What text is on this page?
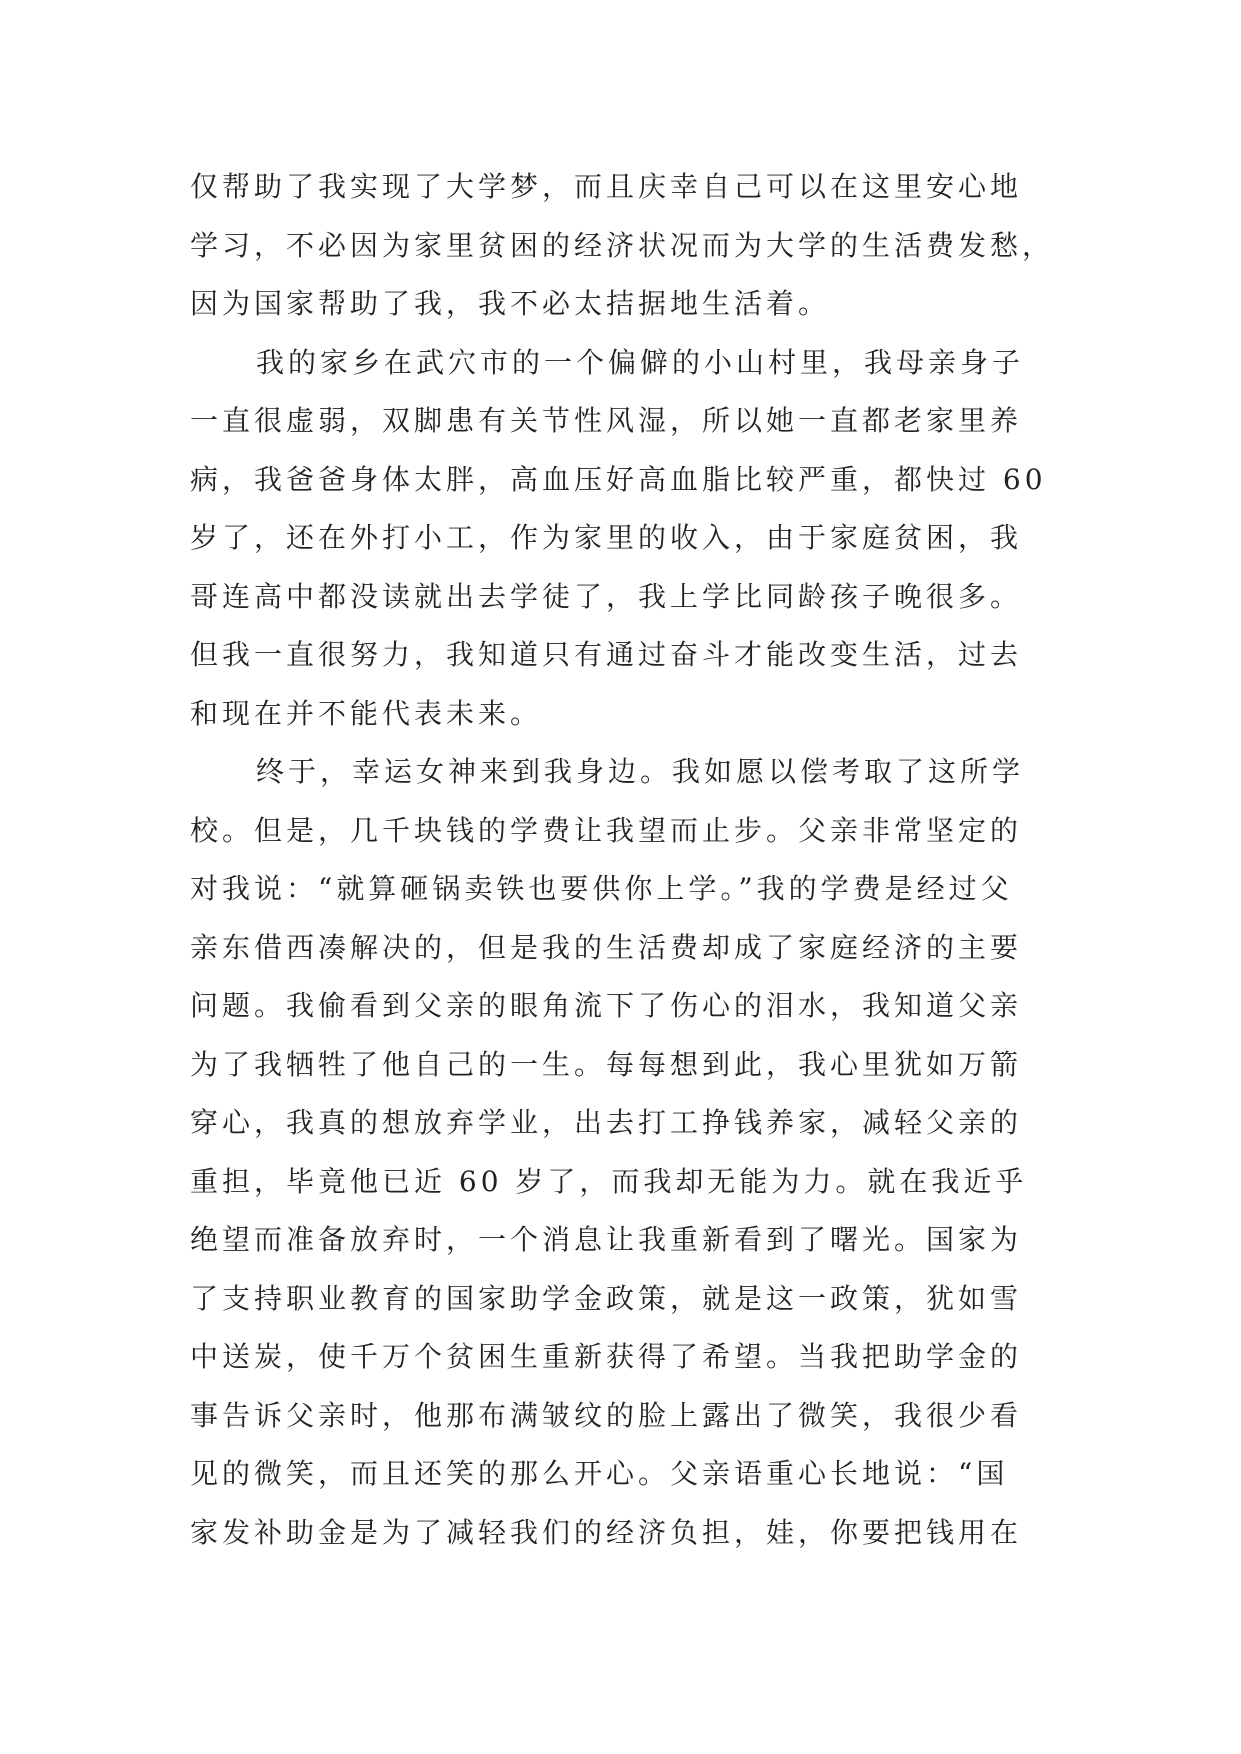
仅帮助了我实现了大学梦，而且庆幸自己可以在这里安心地
学习，不必因为家里贫困的经济状况而为大学的生活费发愁，
因为国家帮助了我，我不必太拮据地生活着。
我的家乡在武穴市的一个偏僻的小山村里，我母亲身子
一直很虚弱，双脚患有关节性风湿，所以她一直都老家里养
病，我爸爸身体太胖，高血压好高血脂比较严重，都快过 60
岁了，还在外打小工，作为家里的收入，由于家庭贫困，我
哥连高中都没读就出去学徒了，我上学比同龄孩子晚很多。
但我一直很努力，我知道只有通过奋斗才能改变生活，过去
和现在并不能代表未来。
终于，幸运女神来到我身边。我如愿以偿考取了这所学
校。但是，几千块钱的学费让我望而止步。父亲非常坚定的
对我说：“就算砸锅卖铁也要供你上学。”我的学费是经过父
亲东借西凑解决的，但是我的生活费却成了家庭经济的主要
问题。我偷看到父亲的眼角流下了伤心的泪水，我知道父亲
为了我牺牲了他自己的一生。每每想到此，我心里犹如万箭
穿心，我真的想放弃学业，出去打工挣钱养家，减轻父亲的
重担，毕竟他已近 60 岁了，而我却无能为力。就在我近乎
绝望而准备放弃时，一个消息让我重新看到了曙光。国家为
了支持职业教育的国家助学金政策，就是这一政策，犹如雪
中送炭，使千万个贫困生重新获得了希望。当我把助学金的
事告诉父亲时，他那布满皱纹的脸上露出了微笑，我很少看
见的微笑，而且还笑的那么开心。父亲语重心长地说：“国
家发补助金是为了减轻我们的经济负担，娃，你要把钱用在
